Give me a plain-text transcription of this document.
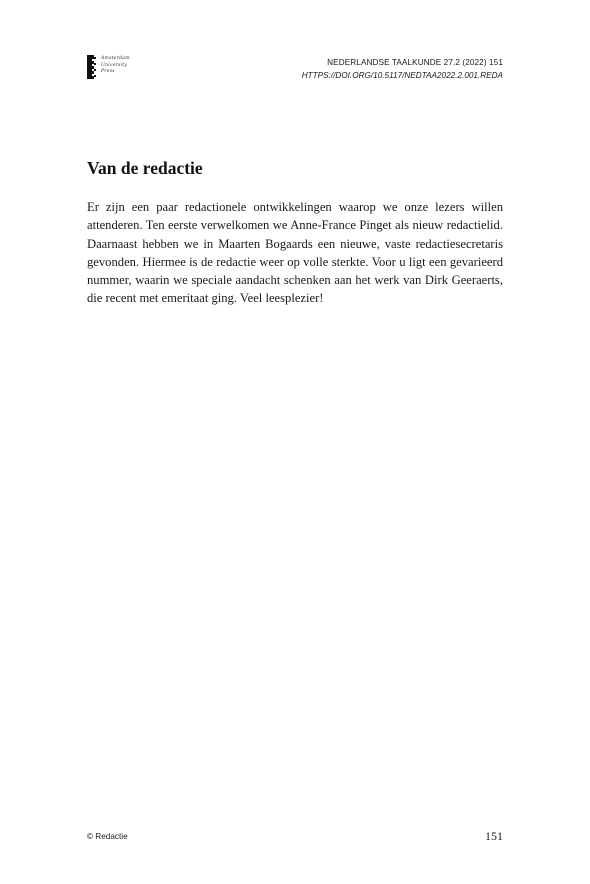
Amsterdam
University
Press
NEDERLANDSE TAALKUNDE 27.2 (2022) 151
HTTPS://DOI.ORG/10.5117/NEDTAA2022.2.001.REDA
Van de redactie

Er zijn een paar redactionele ontwikkelingen waarop we onze lezers willen attenderen. Ten eerste verwelkomen we Anne-France Pinget als nieuw redactielid. Daarnaast hebben we in Maarten Bogaards een nieuwe, vaste redactiesecretaris gevonden. Hiermee is de redactie weer op volle sterkte. Voor u ligt een gevarieerd nummer, waarin we speciale aandacht schenken aan het werk van Dirk Geeraerts, die recent met emeritaat ging. Veel leesplezier!

© Redactie	151
